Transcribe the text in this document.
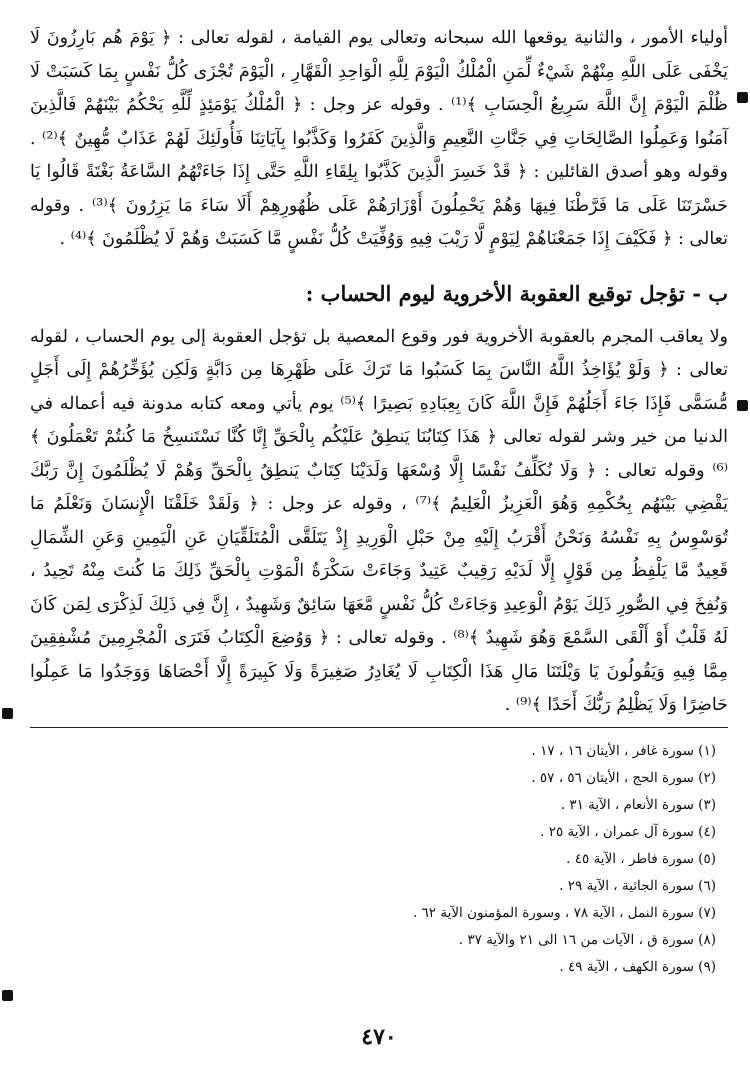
أولياء الأمور ، والثانية يوقعها الله سبحانه وتعالى يوم القيامة ، لقوله تعالى : ﴿ يَوْمَ هُم بَارِزُونَ لَا يَخْفَى عَلَى اللَّهِ مِنْهُمْ شَيْءٌ لِّمَنِ الْمُلْكُ الْيَوْمَ لِلَّهِ الْوَاحِدِ الْقَهَّارِ ، الْيَوْمَ تُجْزَى كُلُّ نَفْسٍ بِمَا كَسَبَتْ لَا ظُلْمَ الْيَوْمَ إِنَّ اللَّهَ سَرِيعُ الْحِسَابِ ﴾⁽¹⁾ . وقوله عز وجل : ﴿ الْمُلْكُ يَوْمَئِذٍ لِّلَّهِ يَحْكُمُ بَيْنَهُمْ فَالَّذِينَ آمَنُوا وَعَمِلُوا الصَّالِحَاتِ فِي جَنَّاتِ النَّعِيمِ وَالَّذِينَ كَفَرُوا وَكَذَّبُوا بِآيَاتِنَا فَأُولَئِكَ لَهُمْ عَذَابٌ مُّهِينٌ ﴾⁽²⁾ . وقوله وهو أصدق القائلين : ﴿ قَدْ خَسِرَ الَّذِينَ كَذَّبُوا بِلِقَاءِ اللَّهِ حَتَّى إِذَا جَاءَتْهُمُ السَّاعَةُ بَغْتَةً قَالُوا يَا حَسْرَتَنَا عَلَى مَا فَرَّطْنَا فِيهَا وَهُمْ يَحْمِلُونَ أَوْزَارَهُمْ عَلَى ظُهُورِهِمْ أَلَا سَاءَ مَا يَزِرُونَ ﴾⁽³⁾ . وقوله تعالى : ﴿ فَكَيْفَ إِذَا جَمَعْنَاهُمْ لِيَوْمٍ لَّا رَيْبَ فِيهِ وَوُفِّيَتْ كُلُّ نَفْسٍ مَّا كَسَبَتْ وَهُمْ لَا يُظْلَمُونَ ﴾⁽⁴⁾ .

ب - تؤجل توقيع العقوبة الأخروية ليوم الحساب :

ولا يعاقب المجرم بالعقوبة الأخروية فور وقوع المعصية بل تؤجل العقوبة إلى يوم الحساب ، لقوله تعالى : ﴿ وَلَوْ يُؤَاخِذُ اللَّهُ النَّاسَ بِمَا كَسَبُوا مَا تَرَكَ عَلَى ظَهْرِهَا مِن دَابَّةٍ وَلَكِن يُؤَخِّرُهُمْ إِلَى أَجَلٍ مُّسَمًّى فَإِذَا جَاءَ أَجَلُهُمْ فَإِنَّ اللَّهَ كَانَ بِعِبَادِهِ بَصِيرًا ﴾⁽⁵⁾ يوم يأتي ومعه كتابه مدونة فيه أعماله في الدنيا من خير وشر لقوله تعالى ﴿ هَذَا كِتَابُنَا يَنطِقُ عَلَيْكُم بِالْحَقِّ إِنَّا كُنَّا نَسْتَنسِخُ مَا كُنتُمْ تَعْمَلُونَ ﴾⁽⁶⁾ وقوله تعالى : ﴿ وَلَا نُكَلِّفُ نَفْسًا إِلَّا وُسْعَهَا وَلَدَيْنَا كِتَابٌ يَنطِقُ بِالْحَقِّ وَهُمْ لَا يُظْلَمُونَ إِنَّ رَبَّكَ يَقْضِي بَيْنَهُم بِحُكْمِهِ وَهُوَ الْعَزِيزُ الْعَلِيمُ ﴾⁽⁷⁾ ، وقوله عز وجل : ﴿ وَلَقَدْ خَلَقْنَا الْإِنسَانَ وَنَعْلَمُ مَا تُوَسْوِسُ بِهِ نَفْسُهُ وَنَحْنُ أَقْرَبُ إِلَيْهِ مِنْ حَبْلِ الْوَرِيدِ إِذْ يَتَلَقَّى الْمُتَلَقِّيَانِ عَنِ الْيَمِينِ وَعَنِ الشِّمَالِ قَعِيدٌ مَّا يَلْفِظُ مِن قَوْلٍ إِلَّا لَدَيْهِ رَقِيبٌ عَتِيدٌ وَجَاءَتْ سَكْرَةُ الْمَوْتِ بِالْحَقِّ ذَلِكَ مَا كُنتَ مِنْهُ تَحِيدُ ، وَنُفِخَ فِي الصُّورِ ذَلِكَ يَوْمُ الْوَعِيدِ وَجَاءَتْ كُلُّ نَفْسٍ مَّعَهَا سَائِقٌ وَشَهِيدٌ ، إِنَّ فِي ذَلِكَ لَذِكْرَى لِمَن كَانَ لَهُ قَلْبٌ أَوْ أَلْقَى السَّمْعَ وَهُوَ شَهِيدٌ ﴾⁽⁸⁾ . وقوله تعالى : ﴿ وَوُضِعَ الْكِتَابُ فَتَرَى الْمُجْرِمِينَ مُشْفِقِينَ مِمَّا فِيهِ وَيَقُولُونَ يَا وَيْلَتَنَا مَالِ هَذَا الْكِتَابِ لَا يُغَادِرُ صَغِيرَةً وَلَا كَبِيرَةً إِلَّا أَحْصَاهَا وَوَجَدُوا مَا عَمِلُوا حَاضِرًا وَلَا يَظْلِمُ رَبُّكَ أَحَدًا ﴾⁽⁹⁾ .

(١) سورة غافر ، الأيتان ١٦ ، ١٧ .
(٢) سورة الحج ، الأيتان ٥٦ ، ٥٧ .
(٣) سورة الأنعام ، الآية ٣١ .
(٤) سورة آل عمران ، الآية ٢٥ .
(٥) سورة فاطر ، الآية ٤٥ .
(٦) سورة الجاثية ، الآية ٢٩ .
(٧) سورة النمل ، الآية ٧٨ ، وسورة المؤمنون الآية ٦٢ .
(٨) سورة ق ، الآيات من ١٦ الى ٢١ والآية ٣٧ .
(٩) سورة الكهف ، الآية ٤٩ .
٤٧٠
